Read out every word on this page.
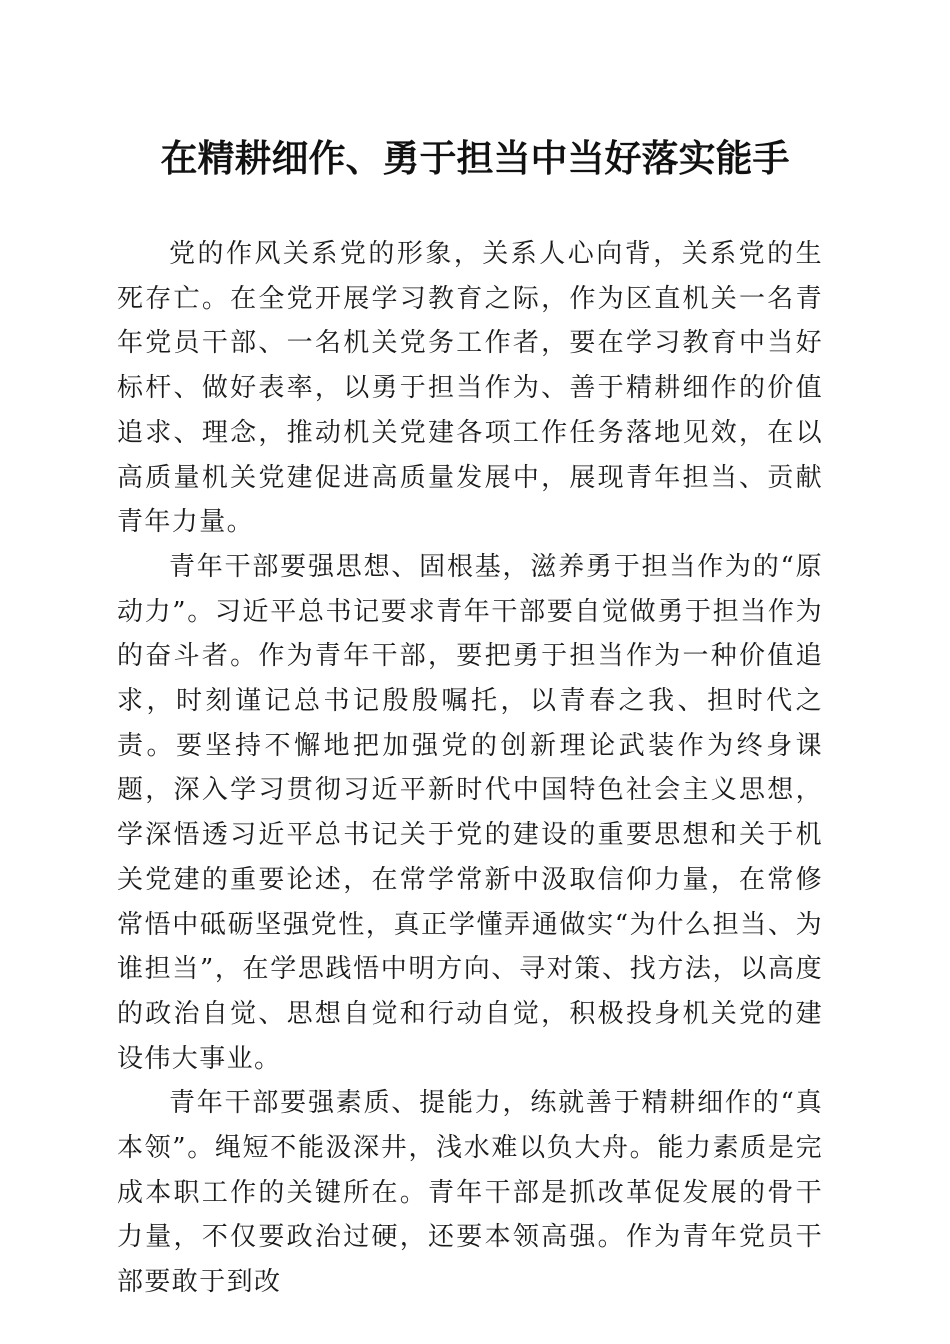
在精耕细作、勇于担当中当好落实能手

党的作风关系党的形象，关系人心向背，关系党的生死存亡。在全党开展学习教育之际，作为区直机关一名青年党员干部、一名机关党务工作者，要在学习教育中当好标杆、做好表率，以勇于担当作为、善于精耕细作的价值追求、理念，推动机关党建各项工作任务落地见效，在以高质量机关党建促进高质量发展中，展现青年担当、贡献青年力量。

青年干部要强思想、固根基，滋养勇于担当作为的“原动力”。习近平总书记要求青年干部要自觉做勇于担当作为的奋斗者。作为青年干部，要把勇于担当作为一种价值追求，时刻谨记总书记殷殷嘱托，以青春之我、担时代之责。要坚持不懈地把加强党的创新理论武装作为终身课题，深入学习贯彻习近平新时代中国特色社会主义思想，学深悟透习近平总书记关于党的建设的重要思想和关于机关党建的重要论述，在常学常新中汲取信仰力量，在常修常悟中砥砺坚强党性，真正学懂弄通做实“为什么担当、为谁担当”，在学思践悟中明方向、寻对策、找方法，以高度的政治自觉、思想自觉和行动自觉，积极投身机关党的建设伟大事业。

青年干部要强素质、提能力，练就善于精耕细作的“真本领”。绳短不能汲深井，浅水难以负大舟。能力素质是完成本职工作的关键所在。青年干部是抓改革促发展的骨干力量，不仅要政治过硬，还要本领高强。作为青年党员干部要敢于到改
